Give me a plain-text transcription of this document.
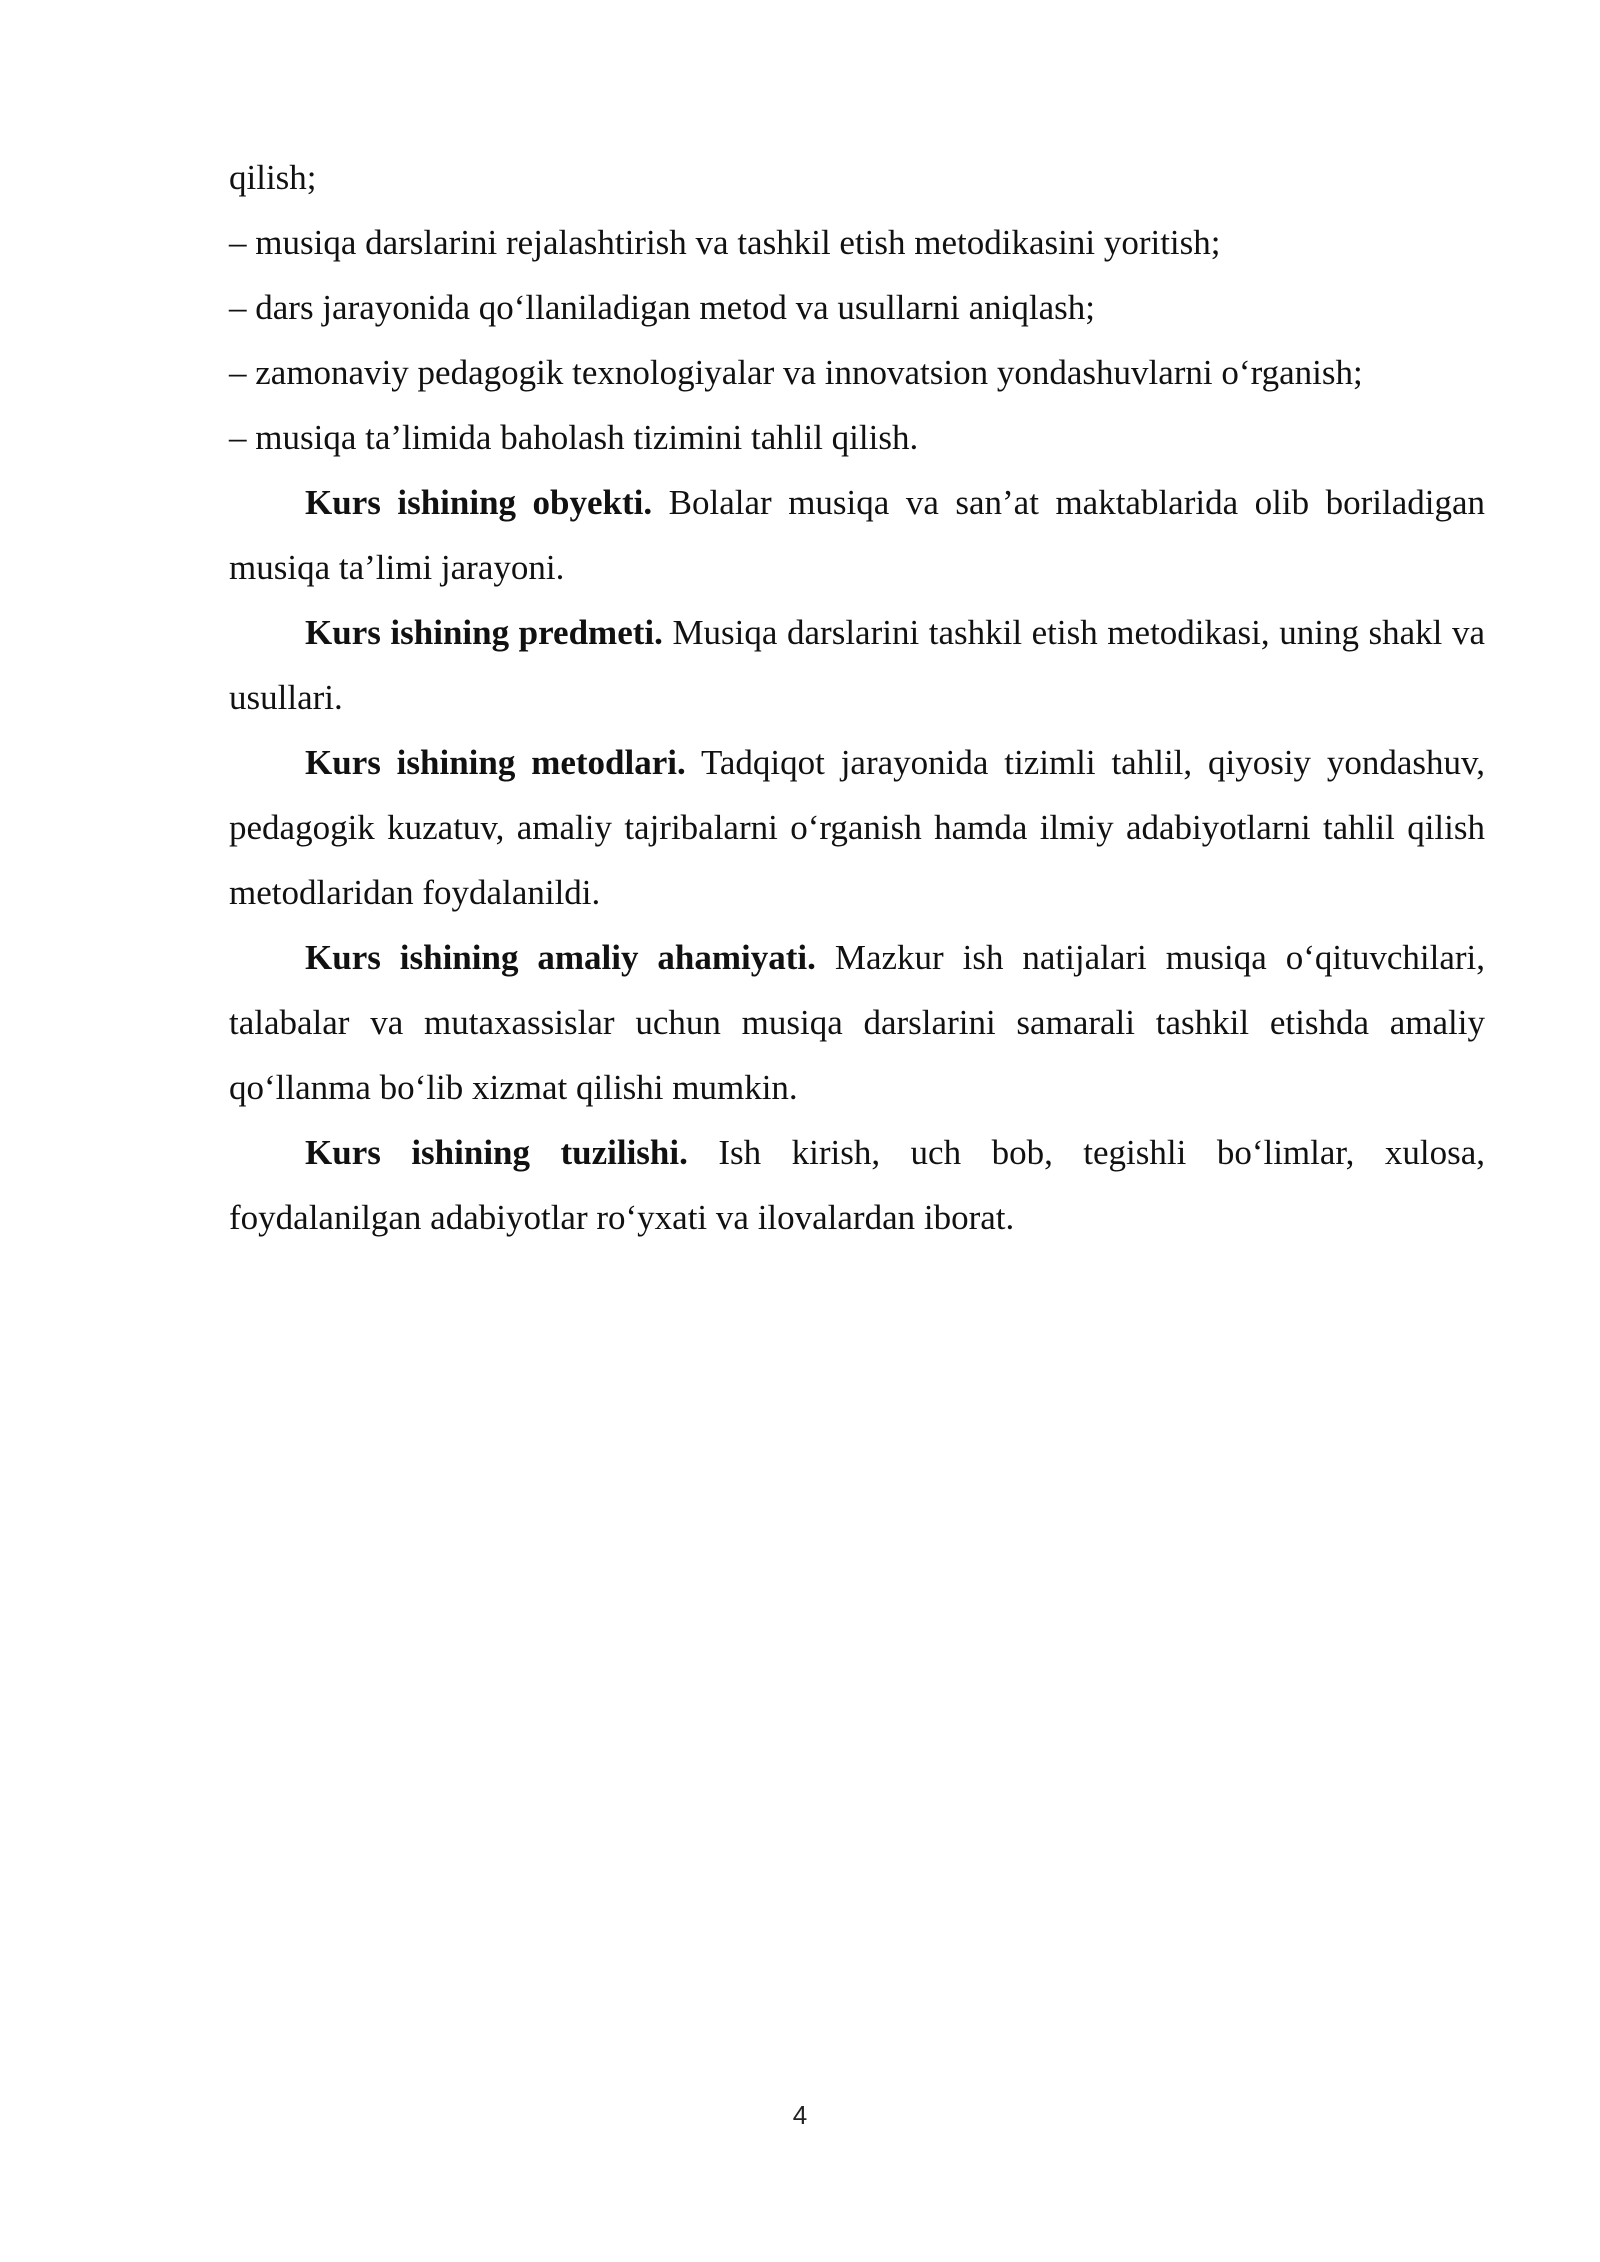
qilish;

– musiqa darslarini rejalashtirish va tashkil etish metodikasini yoritish;

– dars jarayonida qo‘llaniladigan metod va usullarni aniqlash;

– zamonaviy pedagogik texnologiyalar va innovatsion yondashuvlarni o‘rganish;

– musiqa ta’limida baholash tizimini tahlil qilish.

Kurs ishining obyekti. Bolalar musiqa va san’at maktablarida olib boriladigan musiqa ta’limi jarayoni.

Kurs ishining predmeti. Musiqa darslarini tashkil etish metodikasi, uning shakl va usullari.

Kurs ishining metodlari. Tadqiqot jarayonida tizimli tahlil, qiyosiy yondashuv, pedagogik kuzatuv, amaliy tajribalarni o‘rganish hamda ilmiy adabiyotlarni tahlil qilish metodlaridan foydalanildi.

Kurs ishining amaliy ahamiyati. Mazkur ish natijalari musiqa o‘qituvchilari, talabalar va mutaxassislar uchun musiqa darslarini samarali tashkil etishda amaliy qo‘llanma bo‘lib xizmat qilishi mumkin.

Kurs ishining tuzilishi. Ish kirish, uch bob, tegishli bo‘limlar, xulosa, foydalanilgan adabiyotlar ro‘yxati va ilovalardan iborat.

4
